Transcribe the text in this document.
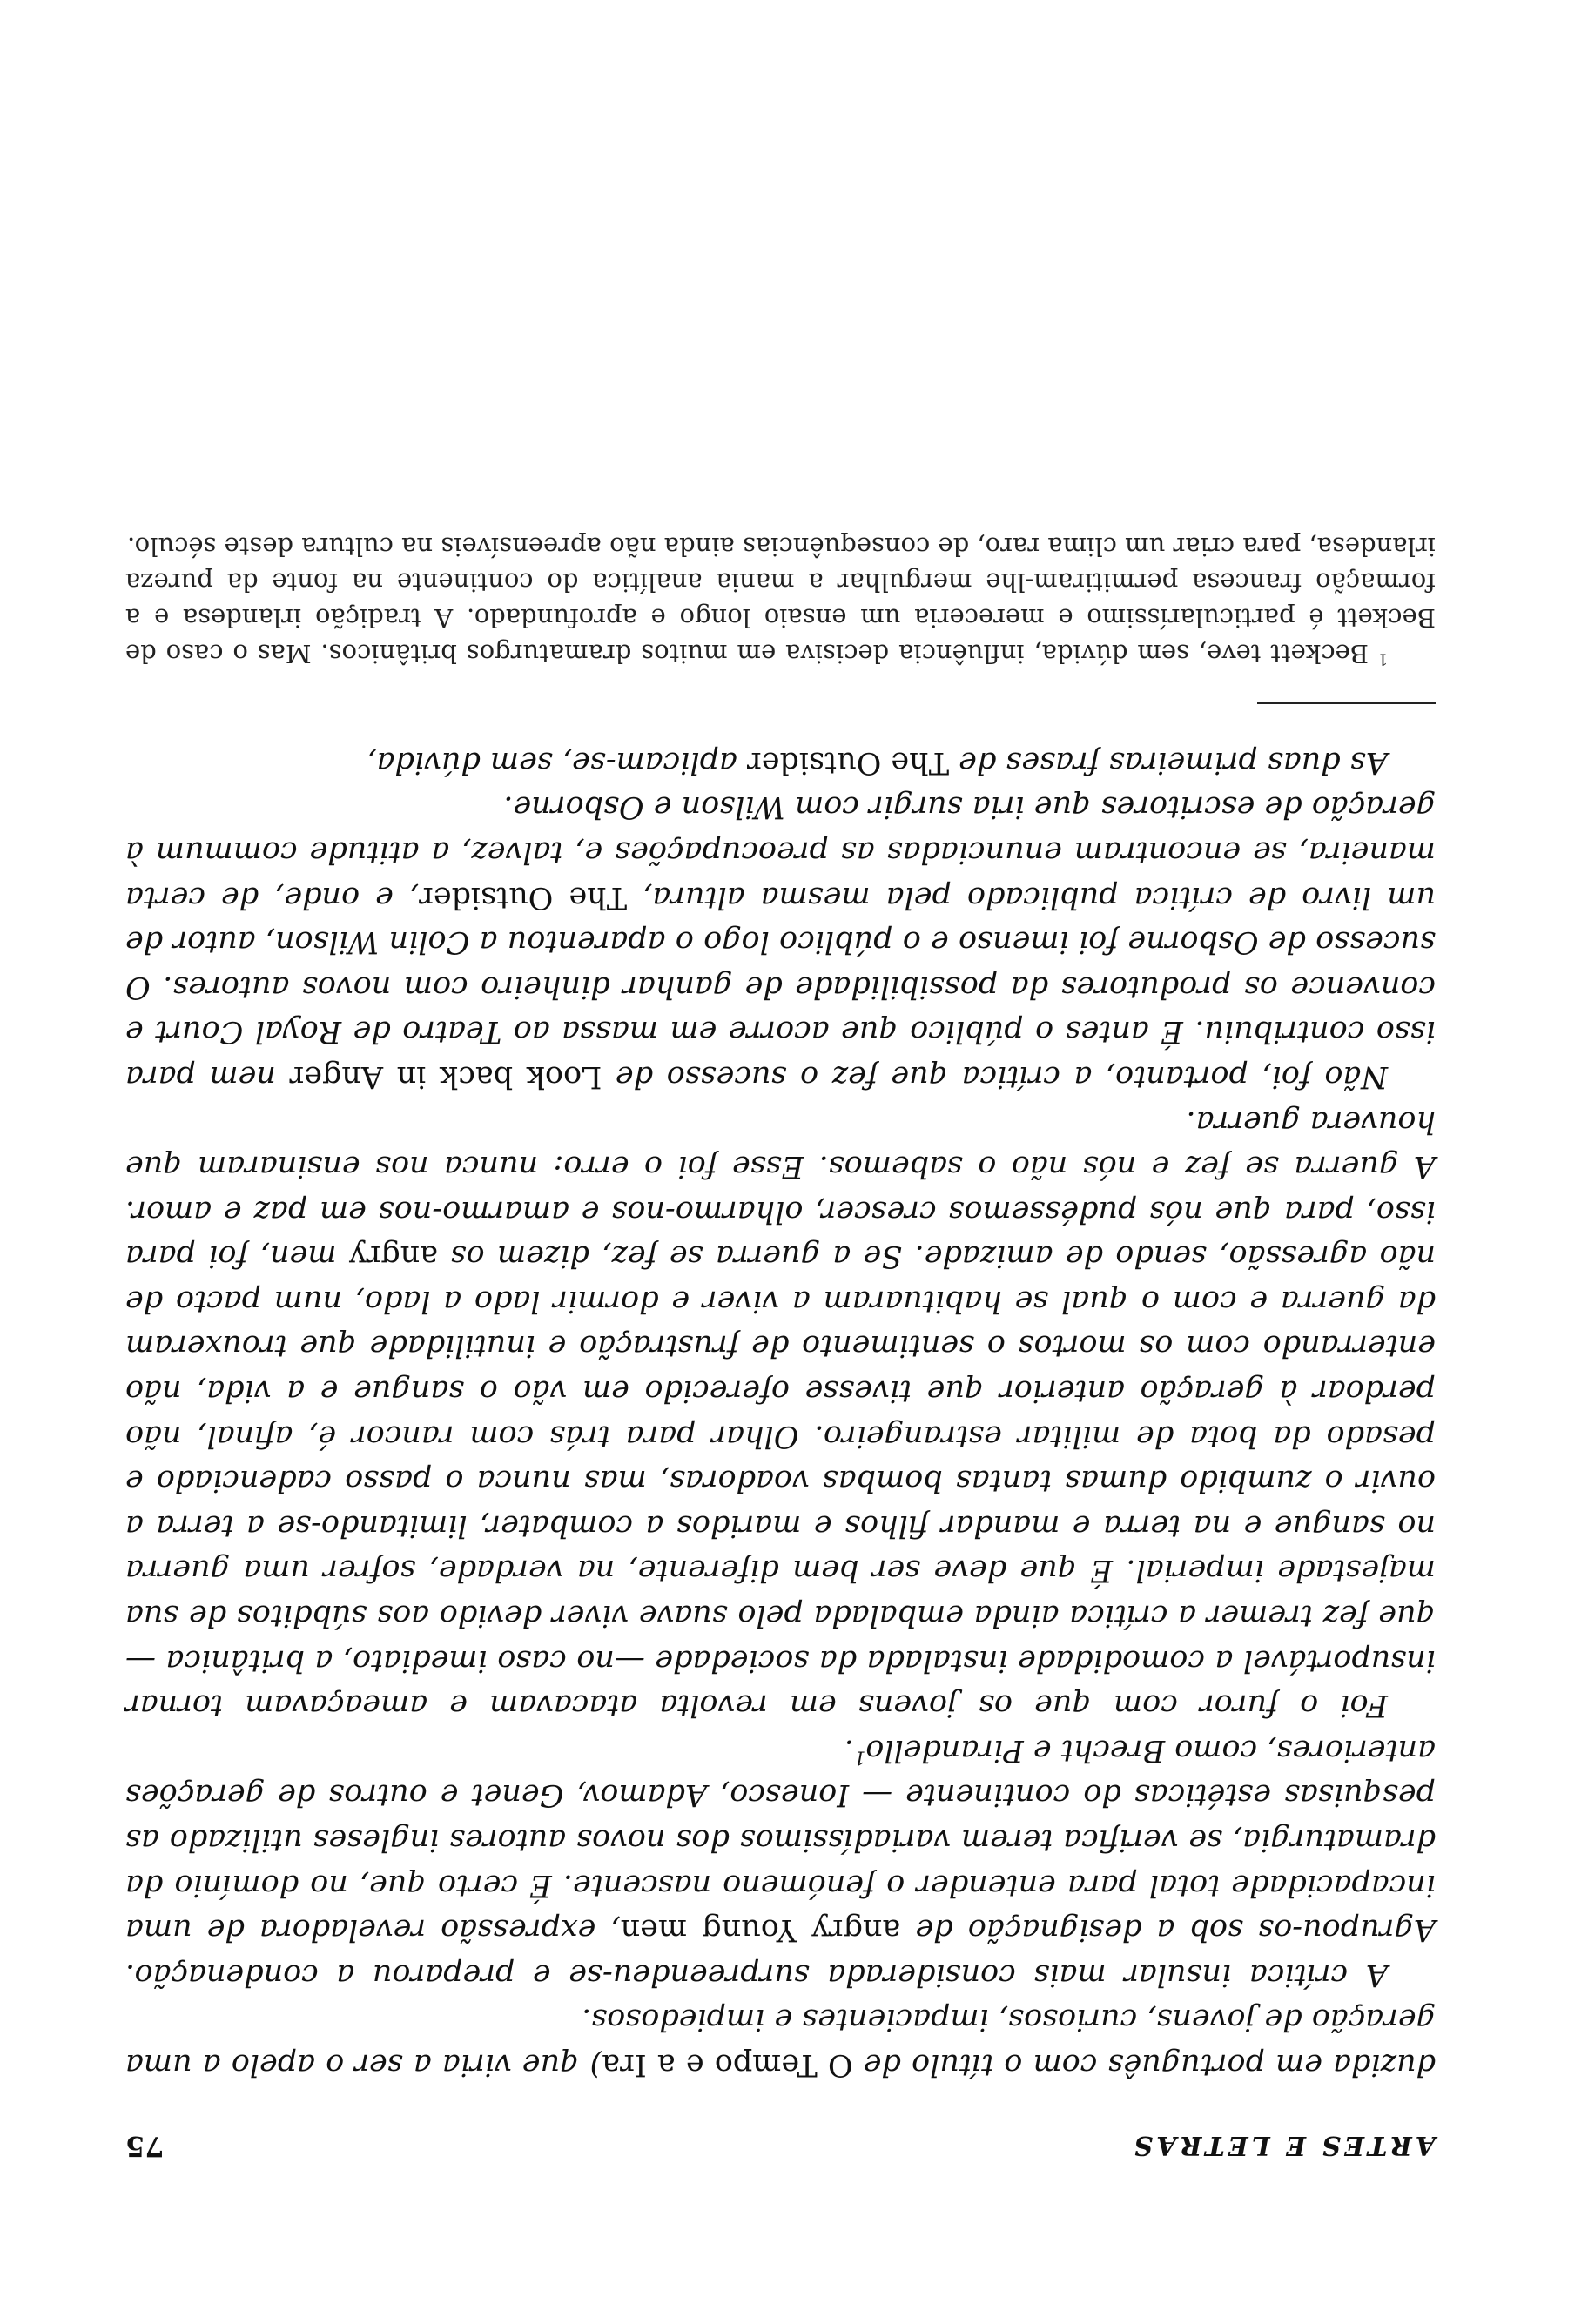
ARTES E LETRAS
75

duzida em português com o título de O Tempo e a Ira) que viria a ser o apelo a uma geração de jovens, curiosos, impacientes e impiedosos.

A crítica insular mais considerada surpreendeu-se e preparou a condenação. Agrupou-os sob a designação de angry Young men, expressão reveladora de uma incapacidade total para entender o fenómeno nascente. É certo que, no domínio da dramaturgia, se verifica terem variadíssimos dos novos autores ingleses utilizado as pesquisas estéticas do continente — Ionesco, Adamov, Genet e outros de gerações anteriores, como Brecht e Pirandello$^1$.

Foi o furor com que os jovens em revolta atacavam e ameaçavam tornar insuportável a comodidade instalada da sociedade —no caso imediato, a britânica — que fez tremer a crítica ainda embalada pelo suave viver devido aos súbditos de sua majestade imperial. É que deve ser bem diferente, na verdade, sofrer uma guerra no sangue e na terra e mandar filhos e maridos a combater, limitando-se a terra a ouvir o zumbido dumas tantas bombas voadoras, mas nunca o passo cadenciado e pesado da bota de militar estrangeiro. Olhar para trás com rancor é, afinal, não perdoar à geração anterior que tivesse oferecido em vão o sangue e a vida, não enterrando com os mortos o sentimento de frustração e inutilidade que trouxeram da guerra e com o qual se habituaram a viver e dormir lado a lado, num pacto de não agressão, sendo de amizade. Se a guerra se fez, dizem os angry men, foi para isso, para que nós pudéssemos crescer, olharmo-nos e amarmo-nos em paz e amor. A guerra se fez e nós não o sabemos. Esse foi o erro: nunca nos ensinaram que houvera guerra.

Não foi, portanto, a crítica que fez o sucesso de Look back in Anger nem para isso contribuiu. É antes o público que acorre em massa ao Teatro de Royal Court e convence os produtores da possibilidade de ganhar dinheiro com novos autores. O sucesso de Osborne foi imenso e o público logo o aparentou a Colin Wilson, autor de um livro de crítica publicado pela mesma altura, The Outsider, e onde, de certa maneira, se encontram enunciadas as preocupações e, talvez, a atitude commum à geração de escritores que iria surgir com Wilson e Osborne.

As duas primeiras frases de The Outsider aplicam-se, sem dúvida,

$^1$ Beckett teve, sem dúvida, influência decisiva em muitos dramaturgos britânicos. Mas o caso de Beckett é particularíssimo e mereceria um ensaio longo e aprofundado. A tradição irlandesa e a formação francesa permitiram-lhe mergulhar a mania analítica do continente na fonte da pureza irlandesa, para criar um clima raro, de consequências ainda não apreensíveis na cultura deste século.
